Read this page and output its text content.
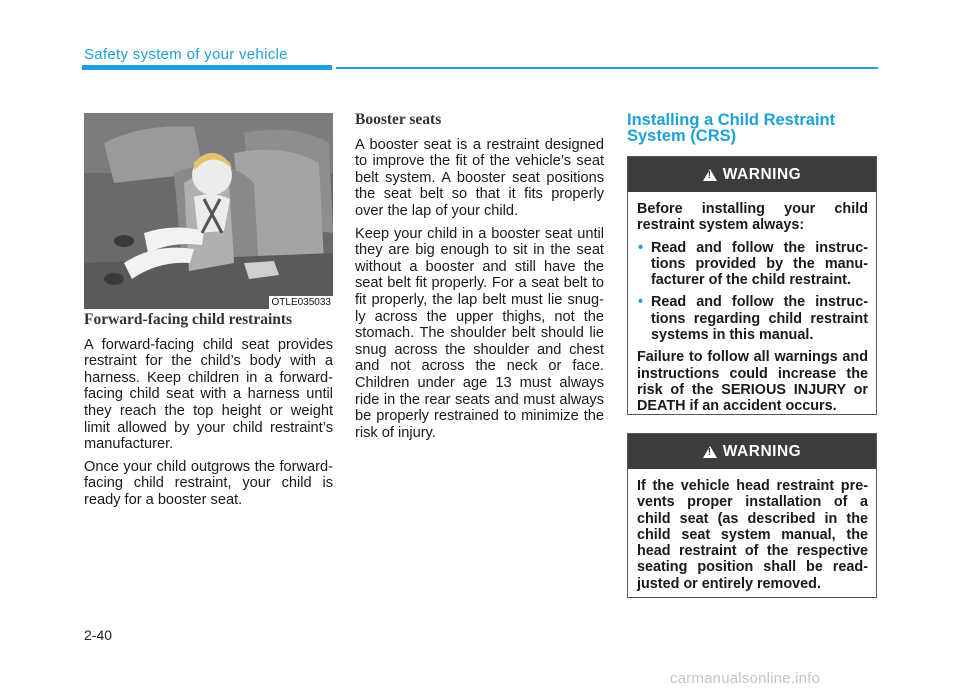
Safety system of your vehicle
OTLE035033
Forward-facing child restraints

A forward-facing child seat provides restraint for the child’s body with a harness. Keep children in a forward-facing child seat with a harness until they reach the top height or weight limit allowed by your child restraint’s manufacturer.

Once your child outgrows the forward-facing child restraint, your child is ready for a booster seat.

Booster seats

A booster seat is a restraint designed to improve the fit of the vehicle’s seat belt system. A booster seat positions the seat belt so that it fits properly over the lap of your child.

Keep your child in a booster seat until they are big enough to sit in the seat without a booster and still have the seat belt fit properly. For a seat belt to fit properly, the lap belt must lie snug-ly across the upper thighs, not the stomach. The shoulder belt should lie snug across the shoulder and chest and not across the neck or face. Children under age 13 must always ride in the rear seats and must always be properly restrained to minimize the risk of injury.

Installing a Child Restraint System (CRS)
!
WARNING

Before installing your child restraint system always:

• Read and follow the instruc-tions provided by the manu-facturer of the child restraint.
• Read and follow the instruc-tions regarding child restraint systems in this manual.

Failure to follow all warnings and instructions could increase the risk of the SERIOUS INJURY or DEATH if an accident occurs.

!
WARNING

If the vehicle head restraint pre-vents proper installation of a child seat (as described in the child seat system manual, the head restraint of the respective seating position shall be read-justed or entirely removed.

2-40
carmanualsonline.info
